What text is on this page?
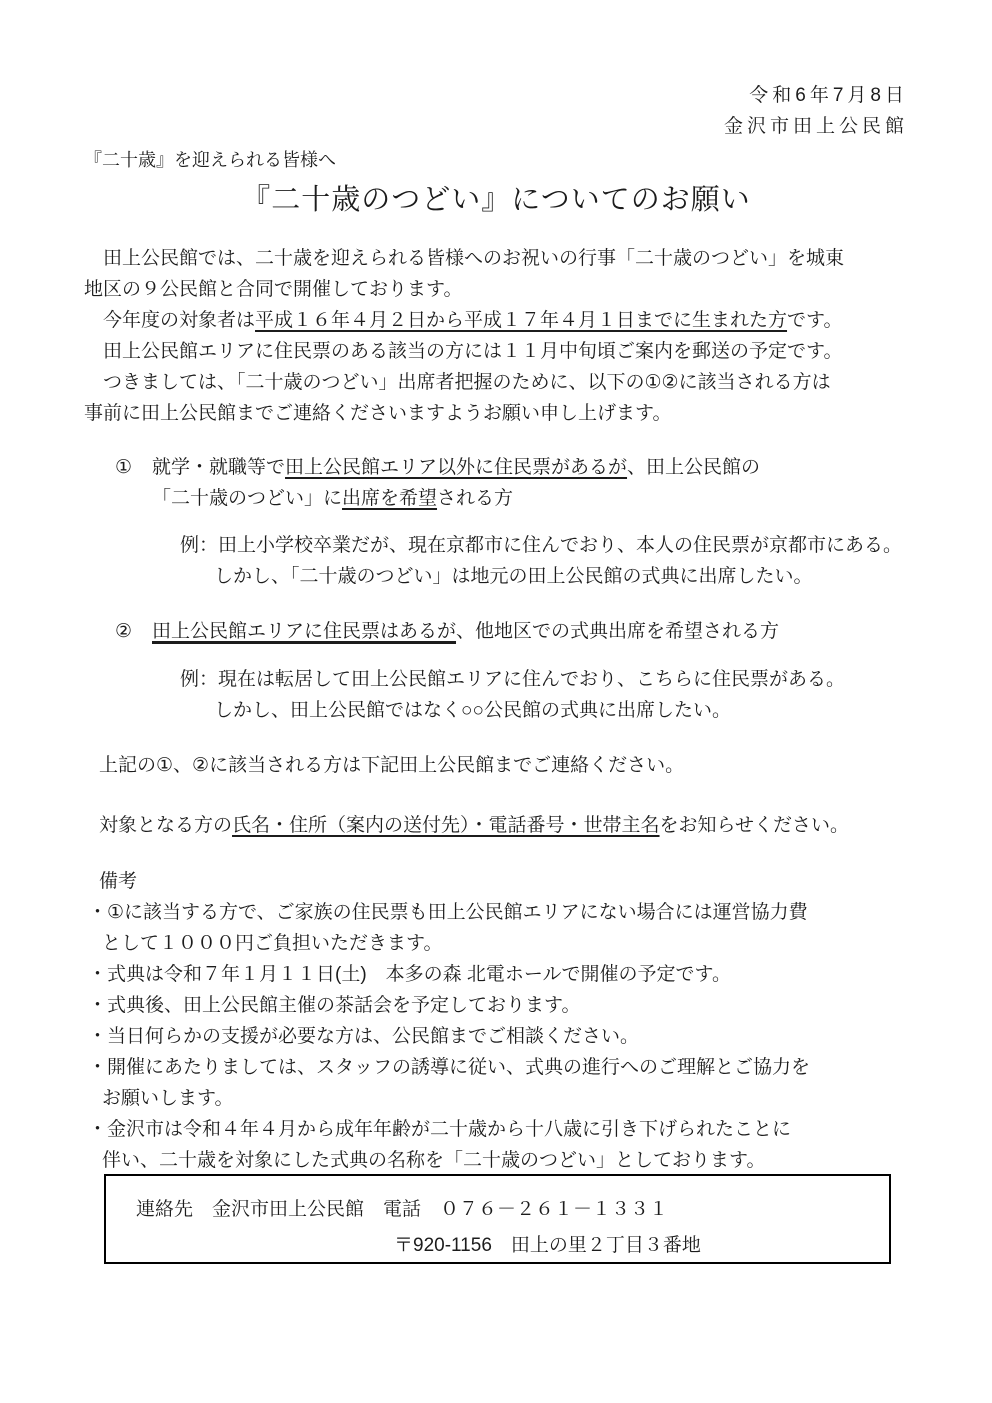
令和6年7月8日
金沢市田上公民館
『二十歳』を迎えられる皆様へ
『二十歳のつどい』についてのお願い
　田上公民館では、二十歳を迎えられる皆様へのお祝いの行事「二十歳のつどい」を城東
地区の９公民館と合同で開催しております。
　今年度の対象者は平成１６年４月２日から平成１７年４月１日までに生まれた方です。
　田上公民館エリアに住民票のある該当の方には１１月中旬頃ご案内を郵送の予定です。
　つきましては、「二十歳のつどい」出席者把握のために、以下の①②に該当される方は
事前に田上公民館までご連絡くださいますようお願い申し上げます。
①	就学・就職等で田上公民館エリア以外に住民票があるが、田上公民館の
「二十歳のつどい」に出席を希望される方
例：田上小学校卒業だが、現在京都市に住んでおり、本人の住民票が京都市にある。
しかし、「二十歳のつどい」は地元の田上公民館の式典に出席したい。
②	田上公民館エリアに住民票はあるが、他地区での式典出席を希望される方
例：現在は転居して田上公民館エリアに住んでおり、こちらに住民票がある。
しかし、田上公民館ではなく○○公民館の式典に出席したい。
上記の①、②に該当される方は下記田上公民館までご連絡ください。
対象となる方の氏名・住所（案内の送付先）・電話番号・世帯主名をお知らせください。
備考
・①に該当する方で、ご家族の住民票も田上公民館エリアにない場合には運営協力費
として１０００円ご負担いただきます。
・式典は令和７年１月１１日(土)　本多の森 北電ホールで開催の予定です。
・式典後、田上公民館主催の茶話会を予定しております。
・当日何らかの支援が必要な方は、公民館までご相談ください。
・開催にあたりましては、スタッフの誘導に従い、式典の進行へのご理解とご協力を
お願いします。
・金沢市は令和４年４月から成年年齢が二十歳から十八歳に引き下げられたことに
伴い、二十歳を対象にした式典の名称を「二十歳のつどい」としております。
連絡先　金沢市田上公民館　電話　０７６－２６１－１３３１
〒920-1156　田上の里２丁目３番地
